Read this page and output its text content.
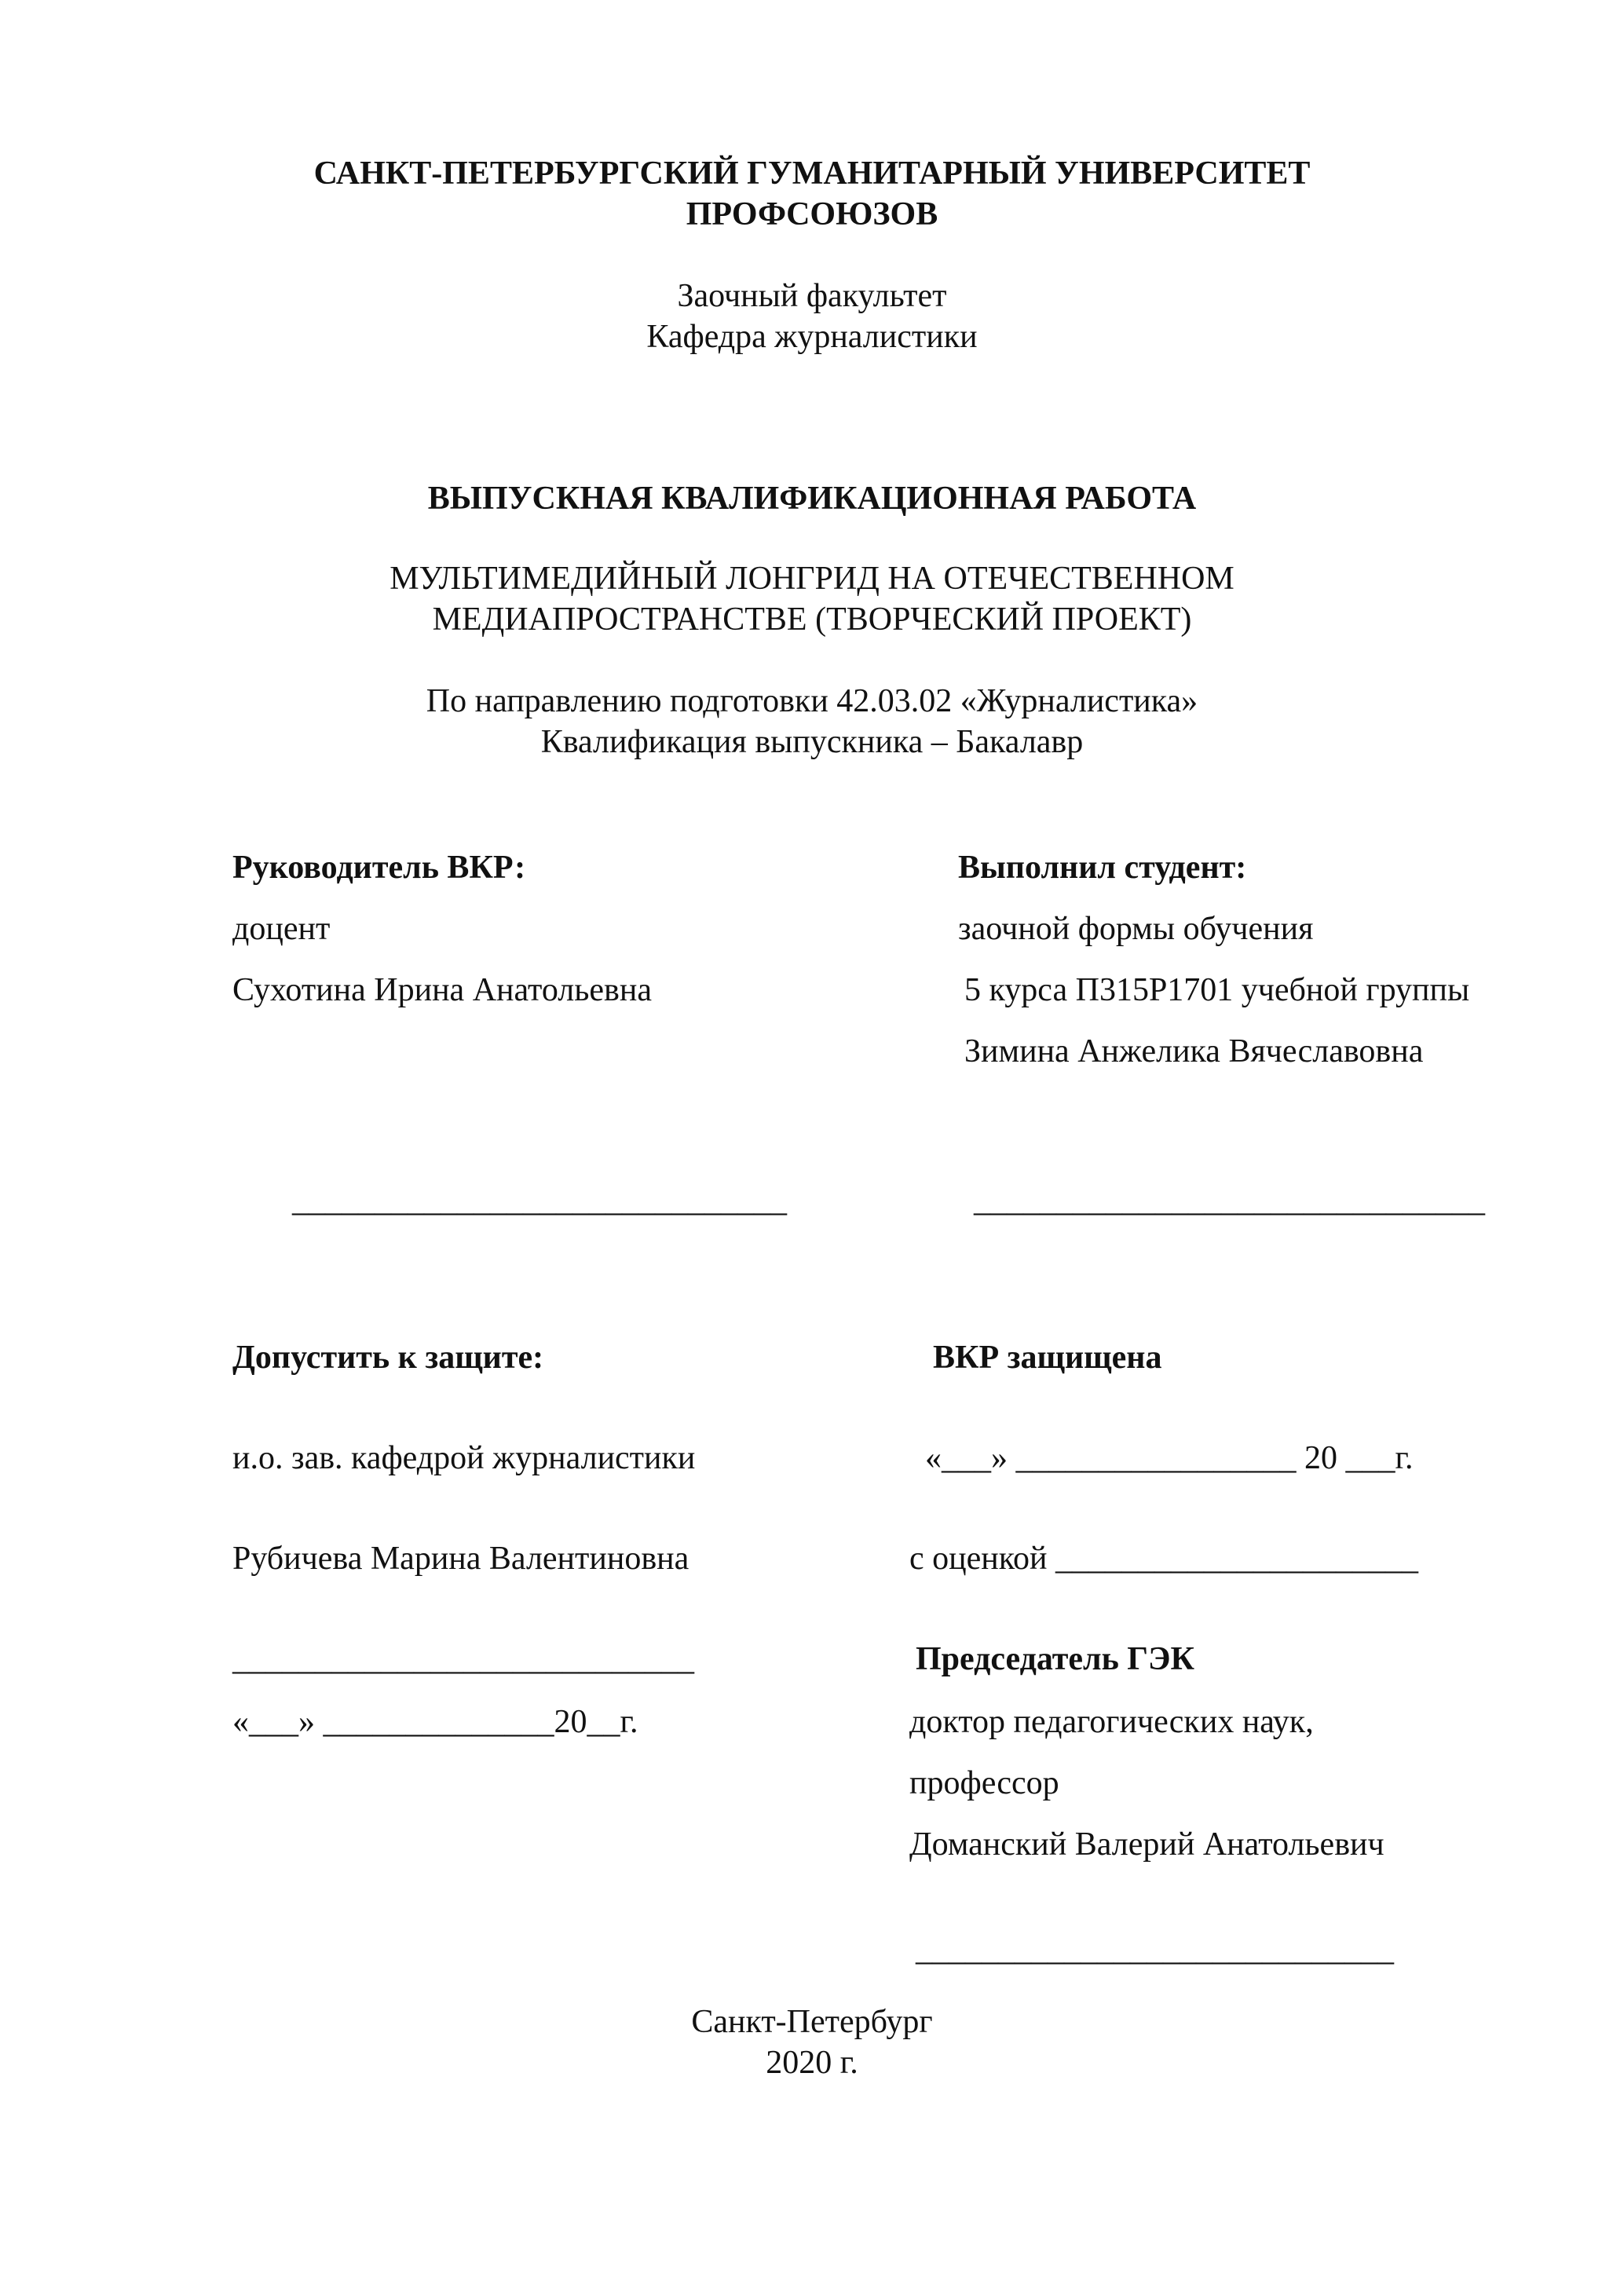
САНКТ-ПЕТЕРБУРГСКИЙ ГУМАНИТАРНЫЙ УНИВЕРСИТЕТ
ПРОФСОЮЗОВ
Заочный факультет
Кафедра журналистики
ВЫПУСКНАЯ КВАЛИФИКАЦИОННАЯ РАБОТА
МУЛЬТИМЕДИЙНЫЙ ЛОНГРИД НА ОТЕЧЕСТВЕННОМ
МЕДИАПРОСТРАНСТВЕ (ТВОРЧЕСКИЙ ПРОЕКТ)
По направлению подготовки 42.03.02 «Журналистика»
Квалификация выпускника – Бакалавр
Руководитель ВКР:
доцент
Сухотина Ирина Анатольевна
______________________________
Выполнил студент:
заочной формы обучения
5 курса П315Р1701 учебной группы
Зимина Анжелика Вячеславовна
_______________________________
Допустить к защите:
и.о. зав. кафедрой журналистики
Рубичева Марина Валентиновна
____________________________
«___» ______________20__г.
ВКР защищена
«___» _________________ 20 ___г.
с оценкой ______________________
Председатель ГЭК
доктор педагогических наук,
профессор
Доманский Валерий Анатольевич
_____________________________
Санкт-Петербург
2020 г.
